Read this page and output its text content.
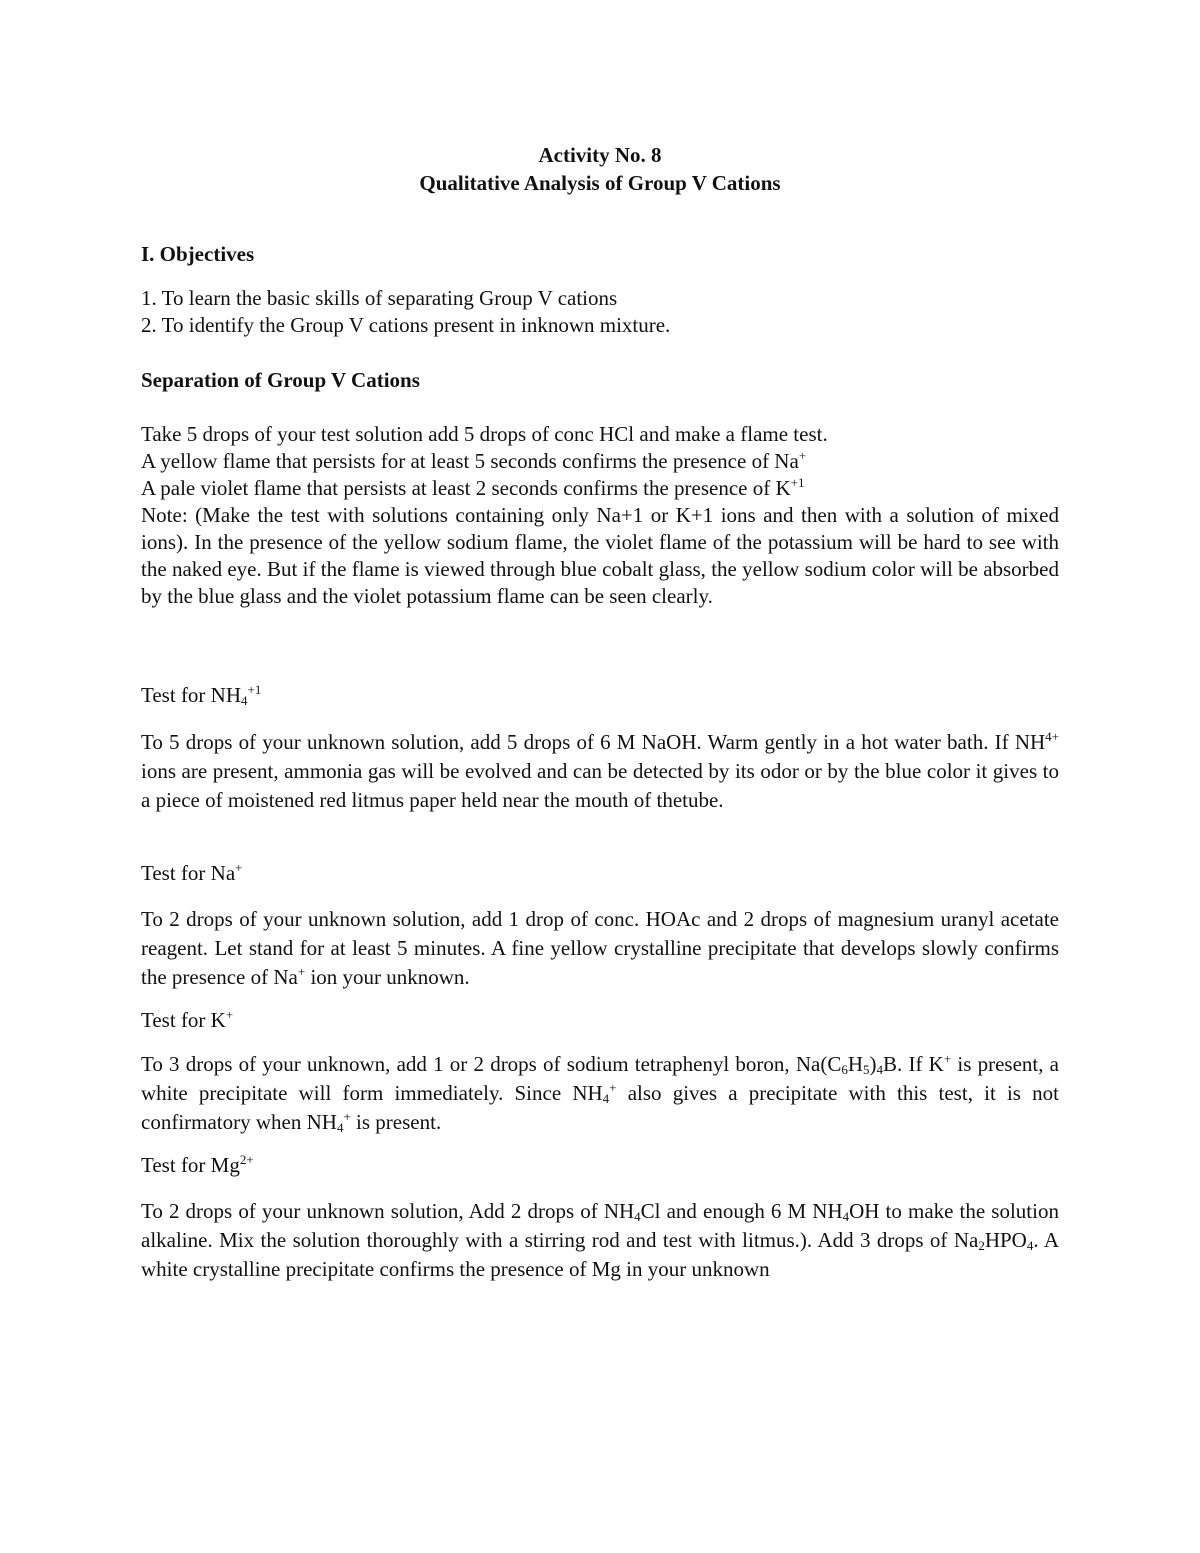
Activity No. 8
Qualitative Analysis of Group V Cations
I. Objectives

1. To learn the basic skills of separating Group V cations

2. To identify the Group V cations present in inknown mixture.

Separation of Group V Cations

Take 5 drops of your test solution add 5 drops of conc HCl and make a flame test.

A yellow flame that persists for at least 5 seconds confirms the presence of Na+

A pale violet flame that persists at least 2 seconds confirms the presence of $K^{+1}$

Note: (Make the test with solutions containing only Na+1 or K+1 ions and then with a solution of mixed ions). In the presence of the yellow sodium flame, the violet flame of the potassium will be hard to see with the naked eye. But if the flame is viewed through blue cobalt glass, the yellow sodium color will be absorbed by the blue glass and the violet potassium flame can be seen clearly.

Test for $NH_4^{+1}$
To 5 drops of your unknown solution, add 5 drops of 6 M NaOH. Warm gently in a hot water bath. If $NH^{4+}$ ions are present, ammonia gas will be evolved and can be detected by its odor or by the blue color it gives to a piece of moistened red litmus paper held near the mouth of thetube.
Test for Na+
To 2 drops of your unknown solution, add 1 drop of conc. HOAc and 2 drops of magnesium uranyl acetate reagent. Let stand for at least 5 minutes. A fine yellow crystalline precipitate that develops slowly confirms the presence of Na+ ion your unknown.
Test for K+
To 3 drops of your unknown, add 1 or 2 drops of sodium tetraphenyl boron, $Na(C_6H_5)_4B$. If K+ is present, a white precipitate will form immediately. Since $NH_4^+$ also gives a precipitate with this test, it is not confirmatory when $NH_4^+$ is present.
Test for $Mg^{2+}$
To 2 drops of your unknown solution, Add 2 drops of $NH_4Cl$ and enough 6 M $NH_4OH$ to make the solution alkaline. Mix the solution thoroughly with a stirring rod and test with litmus.). Add 3 drops of $Na_2HPO_4$. A white crystalline precipitate confirms the presence of Mg in your unknown
